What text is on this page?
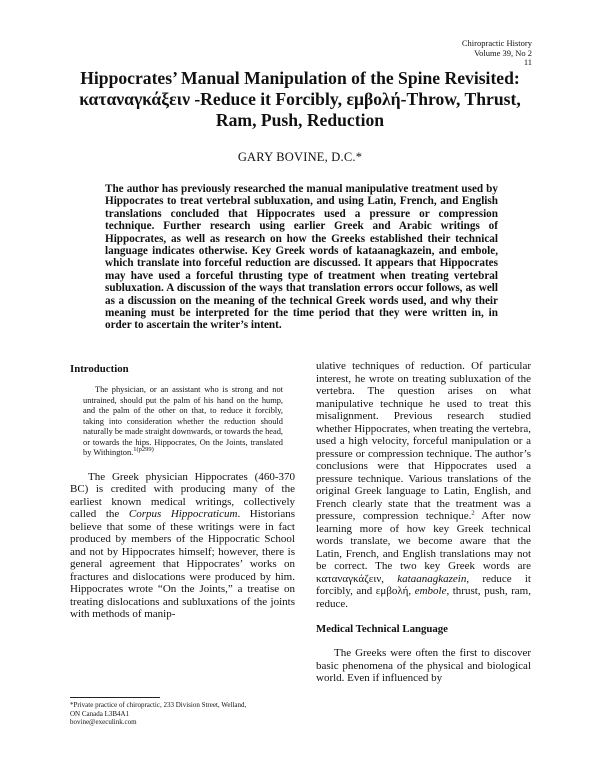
Chiropractic History
Volume 39, No 2
11
Hippocrates’ Manual Manipulation of the Spine Revisited:
καταναγκάξειν -Reduce it Forcibly, εμβολή-Throw, Thrust,
Ram, Push, Reduction
GARY BOVINE, D.C.*
The author has previously researched the manual manipulative treatment used by Hippocrates to treat vertebral subluxation, and using Latin, French, and English translations concluded that Hippocrates used a pressure or compression technique. Further research using earlier Greek and Arabic writings of Hippocrates, as well as research on how the Greeks established their technical language indicates otherwise. Key Greek words of kataanagkazein, and embole, which translate into forceful reduction are discussed. It appears that Hippocrates may have used a forceful thrusting type of treatment when treating vertebral subluxation. A discussion of the ways that translation errors occur follows, as well as a discussion on the meaning of the technical Greek words used, and why their meaning must be interpreted for the time period that they were written in, in order to ascertain the writer’s intent.
Introduction

The physician, or an assistant who is strong and not untrained, should put the palm of his hand on the hump, and the palm of the other on that, to reduce it forcibly, taking into consideration whether the reduction should naturally be made straight downwards, or towards the head, or towards the hips. Hippocrates, On the Joints, translated by Withington.$^{1(p299)}$

The Greek physician Hippocrates (460-370 BC) is credited with producing many of the earliest known medical writings, collectively called the Corpus Hippocraticum. Historians believe that some of these writings were in fact produced by members of the Hippocratic School and not by Hippocrates himself; however, there is general agreement that Hippocrates’ works on fractures and dislocations were produced by him. Hippocrates wrote “On the Joints,” a treatise on treating dislocations and subluxations of the joints with methods of manip-

*Private practice of chiropractic, 233 Division Street, Welland,
ON Canada L3B4A1
bovine@execulink.com

ulative techniques of reduction. Of particular interest, he wrote on treating subluxation of the vertebra. The question arises on what manipulative technique he used to treat this misalignment. Previous research studied whether Hippocrates, when treating the vertebra, used a high velocity, forceful manipulation or a pressure or compression technique. The author’s conclusions were that Hippocrates used a pressure technique. Various translations of the original Greek language to Latin, English, and French clearly state that the treatment was a pressure, compression technique.$^2$ After now learning more of how key Greek technical words translate, we become aware that the Latin, French, and English translations may not be correct. The two key Greek words are καταναγκάζειν, kataanagkazein, reduce it forcibly, and εμβολή, embole, thrust, push, ram, reduce.

Medical Technical Language

The Greeks were often the first to discover basic phenomena of the physical and biological world. Even if influenced by
